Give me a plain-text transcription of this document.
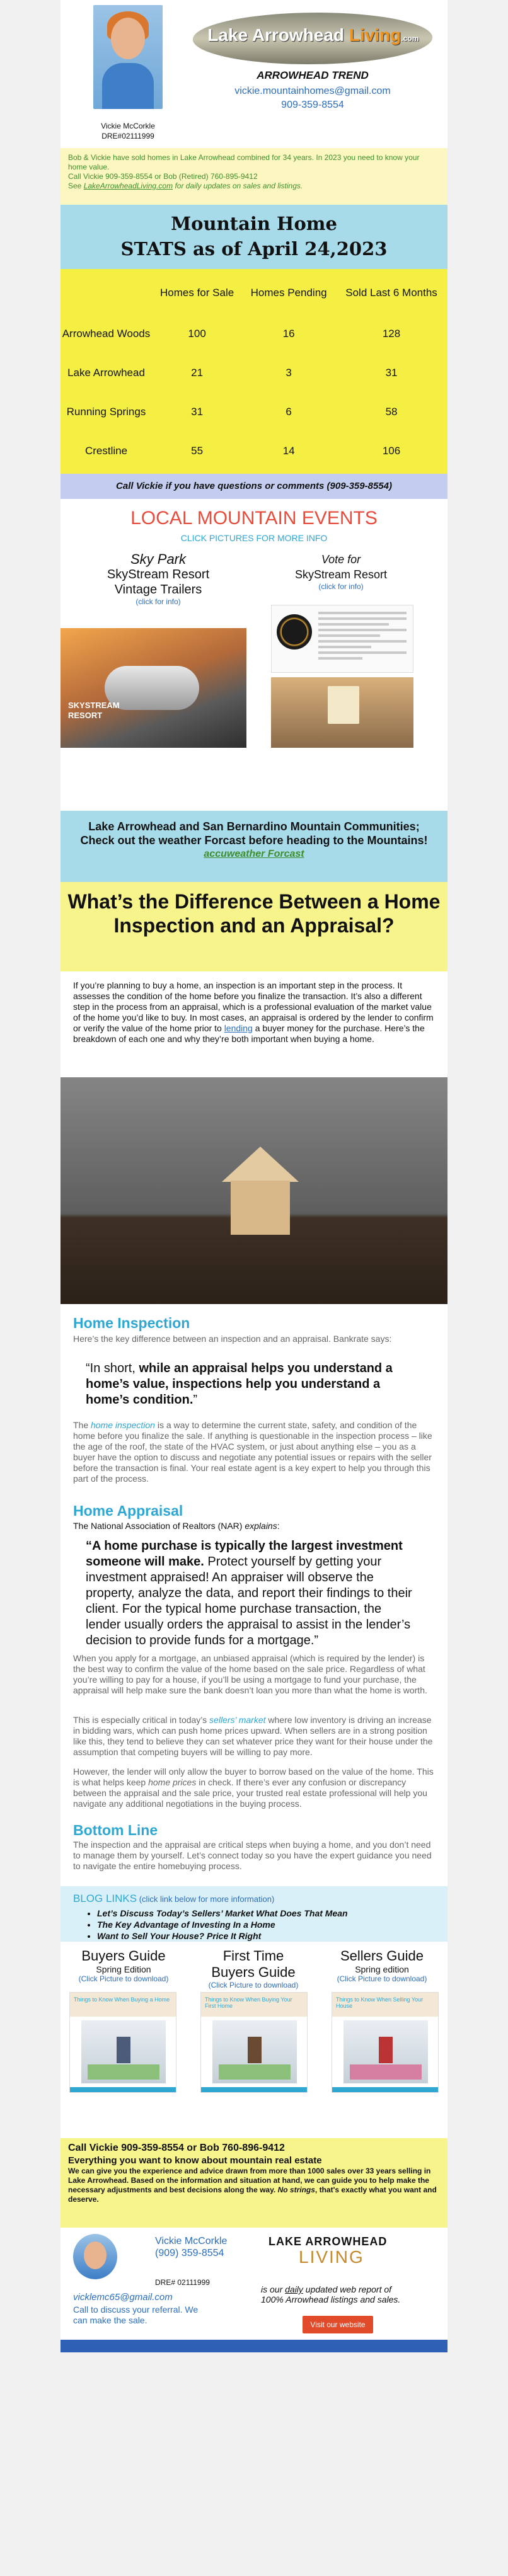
Vickie McCorkle
DRE#02111999
Lake Arrowhead Living.com
ARROWHEAD TREND
vickie.mountainhomes@gmail.com
909-359-8554
Bob & Vickie have sold homes in Lake Arrowhead combined for 34 years. In 2023 you need to know your home value.
Call Vickie 909-359-8554 or Bob (Retired) 760-895-9412
See LakeArrowheadLiving.com for daily updates on sales and listings.
Mountain Home
STATS as of April 24,2023
	Homes for Sale	Homes Pending	Sold Last 6 Months
Arrowhead Woods	100	16	128
Lake Arrowhead	21	3	31
Running Springs	31	6	58
Crestline	55	14	106
Call Vickie if you have questions or comments (909-359-8554)
LOCAL MOUNTAIN EVENTS
CLICK PICTURES FOR MORE INFO
Sky Park
SkyStream Resort
Vintage Trailers
(click for info)
SKYSTREAM RESORT
Vote for
SkyStream Resort
(click for info)
Lake Arrowhead and San Bernardino Mountain Communities; Check out the weather Forcast before heading to the Mountains!
accuweather Forcast
What’s the Difference Between a Home Inspection and an Appraisal?

If you’re planning to buy a home, an inspection is an important step in the process. It assesses the condition of the home before you finalize the transaction. It’s also a different step in the process from an appraisal, which is a professional evaluation of the market value of the home you’d like to buy. In most cases, an appraisal is ordered by the lender to confirm or verify the value of the home prior to lending a buyer money for the purchase. Here’s the breakdown of each one and why they’re both important when buying a home.

Home Inspection

Here’s the key difference between an inspection and an appraisal. Bankrate says:

“In short, while an appraisal helps you understand a home’s value, inspections help you understand a home’s condition.”

The home inspection is a way to determine the current state, safety, and condition of the home before you finalize the sale. If anything is questionable in the inspection process – like the age of the roof, the state of the HVAC system, or just about anything else – you as a buyer have the option to discuss and negotiate any potential issues or repairs with the seller before the transaction is final. Your real estate agent is a key expert to help you through this part of the process.

Home Appraisal

The National Association of Realtors (NAR) explains:

“A home purchase is typically the largest investment someone will make. Protect yourself by getting your investment appraised! An appraiser will observe the property, analyze the data, and report their findings to their client. For the typical home purchase transaction, the lender usually orders the appraisal to assist in the lender’s decision to provide funds for a mortgage.”

When you apply for a mortgage, an unbiased appraisal (which is required by the lender) is the best way to confirm the value of the home based on the sale price. Regardless of what you’re willing to pay for a house, if you’ll be using a mortgage to fund your purchase, the appraisal will help make sure the bank doesn’t loan you more than what the home is worth.

This is especially critical in today’s sellers’ market where low inventory is driving an increase in bidding wars, which can push home prices upward. When sellers are in a strong position like this, they tend to believe they can set whatever price they want for their house under the assumption that competing buyers will be willing to pay more.

However, the lender will only allow the buyer to borrow based on the value of the home. This is what helps keep home prices in check. If there’s ever any confusion or discrepancy between the appraisal and the sale price, your trusted real estate professional will help you navigate any additional negotiations in the buying process.

Bottom Line

The inspection and the appraisal are critical steps when buying a home, and you don’t need to manage them by yourself. Let’s connect today so you have the expert guidance you need to navigate the entire homebuying process.

BLOG LINKS (click link below for more information)
• Let’s Discuss Today’s Sellers’ Market What Does That Mean
• The Key Advantage of Investing In a Home
• Want to Sell Your House? Price It Right
Buyers Guide
Spring Edition
(Click Picture to download)
Things to Know When Buying a Home
First Time
Buyers Guide
(Click Picture to download)
Things to Know When Buying Your First Home
Sellers Guide
Spring edition
(Click Picture to download)
Things to Know When Selling Your House
Call Vickie 909-359-8554 or Bob 760-896-9412
Everything you want to know about mountain real estate
We can give you the experience and advice drawn from more than 1000 sales over 33 years selling in Lake Arrowhead. Based on the information and situation at hand, we can guide you to help make the necessary adjustments and best decisions along the way. No strings, that's exactly what you want and deserve.
Vickie McCorkle
(909) 359-8554
DRE# 02111999
vicklemc65@gmail.com
Call to discuss your referral. We
can make the sale.
LAKE ARROWHEAD
LIVING
is our daily updated web report of 100% Arrowhead listings and sales.
Visit our website
